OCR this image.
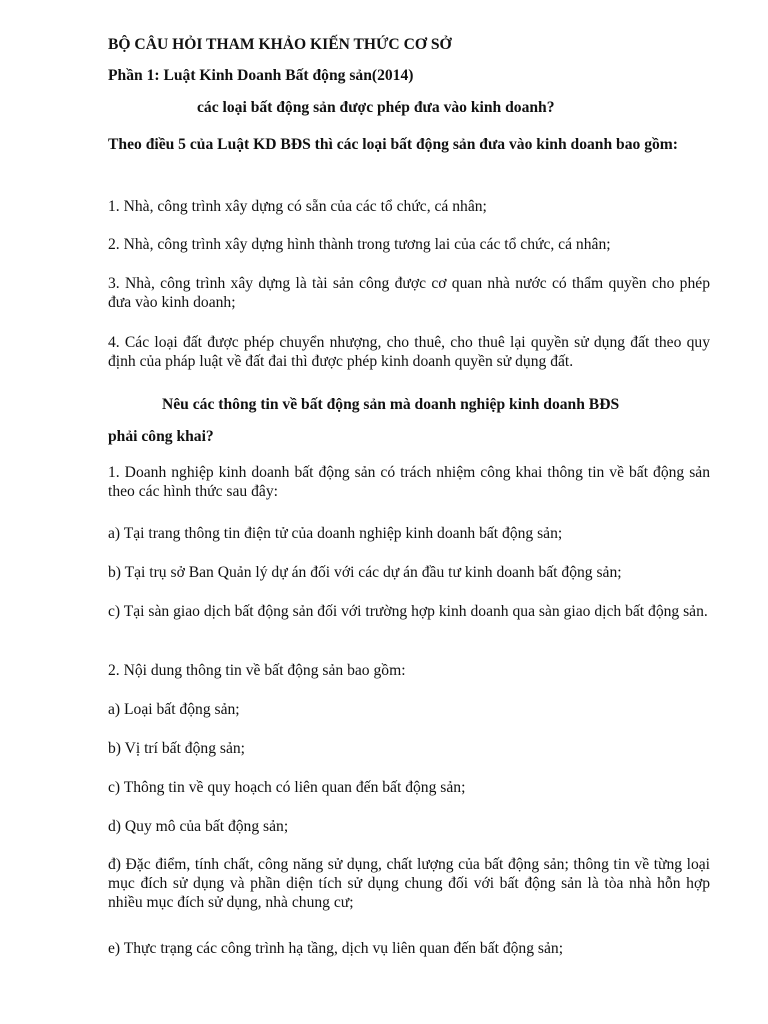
BỘ CÂU HỎI THAM KHẢO KIẾN THỨC CƠ SỞ

Phần 1: Luật Kinh Doanh Bất động sản(2014)

các loại bất động sản được phép đưa vào kinh doanh?

Theo điều 5 của Luật KD BĐS thì các loại bất động sản đưa vào kinh doanh bao gồm:

1. Nhà, công trình xây dựng có sẵn của các tổ chức, cá nhân;

2. Nhà, công trình xây dựng hình thành trong tương lai của các tổ chức, cá nhân;

3. Nhà, công trình xây dựng là tài sản công được cơ quan nhà nước có thẩm quyền cho phép đưa vào kinh doanh;

4. Các loại đất được phép chuyển nhượng, cho thuê, cho thuê lại quyền sử dụng đất theo quy định của pháp luật về đất đai thì được phép kinh doanh quyền sử dụng đất.

Nêu các thông tin về bất động sản mà doanh nghiệp kinh doanh BĐS

phải công khai?

1. Doanh nghiệp kinh doanh bất động sản có trách nhiệm công khai thông tin về bất động sản theo các hình thức sau đây:

a) Tại trang thông tin điện tử của doanh nghiệp kinh doanh bất động sản;

b) Tại trụ sở Ban Quản lý dự án đối với các dự án đầu tư kinh doanh bất động sản;

c) Tại sàn giao dịch bất động sản đối với trường hợp kinh doanh qua sàn giao dịch bất động sản.

2. Nội dung thông tin về bất động sản bao gồm:

a) Loại bất động sản;

b) Vị trí bất động sản;

c) Thông tin về quy hoạch có liên quan đến bất động sản;

d) Quy mô của bất động sản;

đ) Đặc điểm, tính chất, công năng sử dụng, chất lượng của bất động sản; thông tin về từng loại mục đích sử dụng và phần diện tích sử dụng chung đối với bất động sản là tòa nhà hỗn hợp nhiều mục đích sử dụng, nhà chung cư;

e) Thực trạng các công trình hạ tầng, dịch vụ liên quan đến bất động sản;
